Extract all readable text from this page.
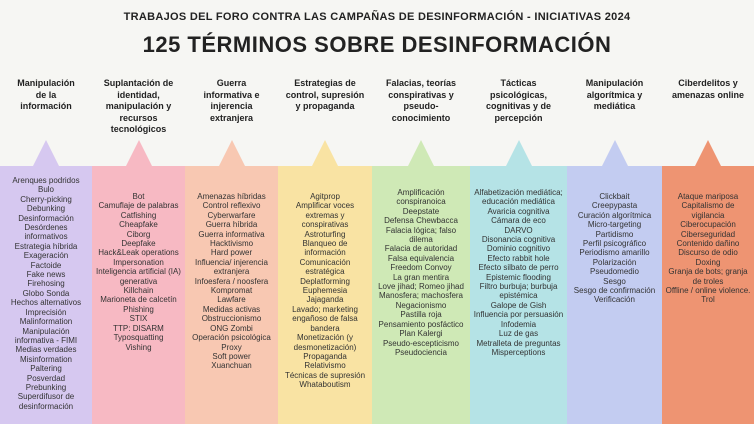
TRABAJOS DEL FORO CONTRA LAS CAMPAÑAS DE DESINFORMACIÓN - INICIATIVAS 2024
125 TÉRMINOS SOBRE DESINFORMACIÓN
Manipulación de la información
Arenques podridos
Bulo
Cherry-picking
Debunking
Desinformación
Desórdenes informativos
Estrategia híbrida
Exageración
Factoide
Fake news
Firehosing
Globo Sonda
Hechos alternativos
Imprecisión
Malinformation
Manipulación informativa - FIMI
Medias verdades
Misinformation
Paltering
Posverdad
Prebunking
Superdifusor de desinformación
Suplantación de identidad, manipulación y recursos tecnológicos
Bot
Camuflaje de palabras
Catfishing
Cheapfake
Ciborg
Deepfake
Hack&Leak operations
Impersonation
Inteligencia artificial (IA) generativa
Killchain
Marioneta de calcetín
Phishing
STIX
TTP: DISARM
Typosquatting
Vishing
Guerra informativa e injerencia extranjera
Amenazas híbridas
Control reflexivo
Cyberwarfare
Guerra híbrida
Guerra informativa
Hacktivismo
Hard power
Influencia/ injerencia extranjera
Infoesfera / noosfera
Kompromat
Lawfare
Medidas activas
Obstruccionismo
ONG Zombi
Operación psicológica
Proxy
Soft power
Xuanchuan
Estrategias de control, supresión y propaganda
Agitprop
Amplificar voces extremas y conspirativas
Astroturfing
Blanqueo de información
Comunicación estratégica
Deplatforming
Euphemesia
Jajaganda
Lavado; marketing engañoso de falsa bandera
Monetización (y desmonetización)
Propaganda
Relativismo
Técnicas de supresión
Whataboutism
Falacias, teorías conspirativas y pseudo-conocimiento
Amplificación conspiranoica
Deepstate
Defensa Chewbacca
Falacia lógica; falso dilema
Falacia de autoridad
Falsa equivalencia
Freedom Convoy
La gran mentira
Love jihad; Romeo jihad
Manosfera; machosfera
Negacionismo
Pastilla roja
Pensamiento posfáctico
Plan Kalergi
Pseudo-escepticismo
Pseudociencia
Tácticas psicológicas, cognitivas y de percepción
Alfabetización mediática; educación mediática
Avaricia cognitiva
Cámara de eco
DARVO
Disonancia cognitiva
Dominio cognitivo
Efecto rabbit hole
Efecto silbato de perro
Epistemic flooding
Filtro burbuja; burbuja epistémica
Galope de Gish
Influencia por persuasión
Infodemia
Luz de gas
Metralleta de preguntas
Misperceptions
Manipulación algorítmica y mediática
Clickbait
Creepypasta
Curación algorítmica
Micro-targeting
Partidismo
Perfil psicográfico
Periodismo amarillo
Polarización
Pseudomedio
Sesgo
Sesgo de confirmación
Verificación
Ciberdelitos y amenazas online
Ataque mariposa
Capitalismo de vigilancia
Ciberocupación
Ciberseguridad
Contenido dañino
Discurso de odio
Doxing
Granja de bots; granja de troles
Offline / online violence.
Trol
